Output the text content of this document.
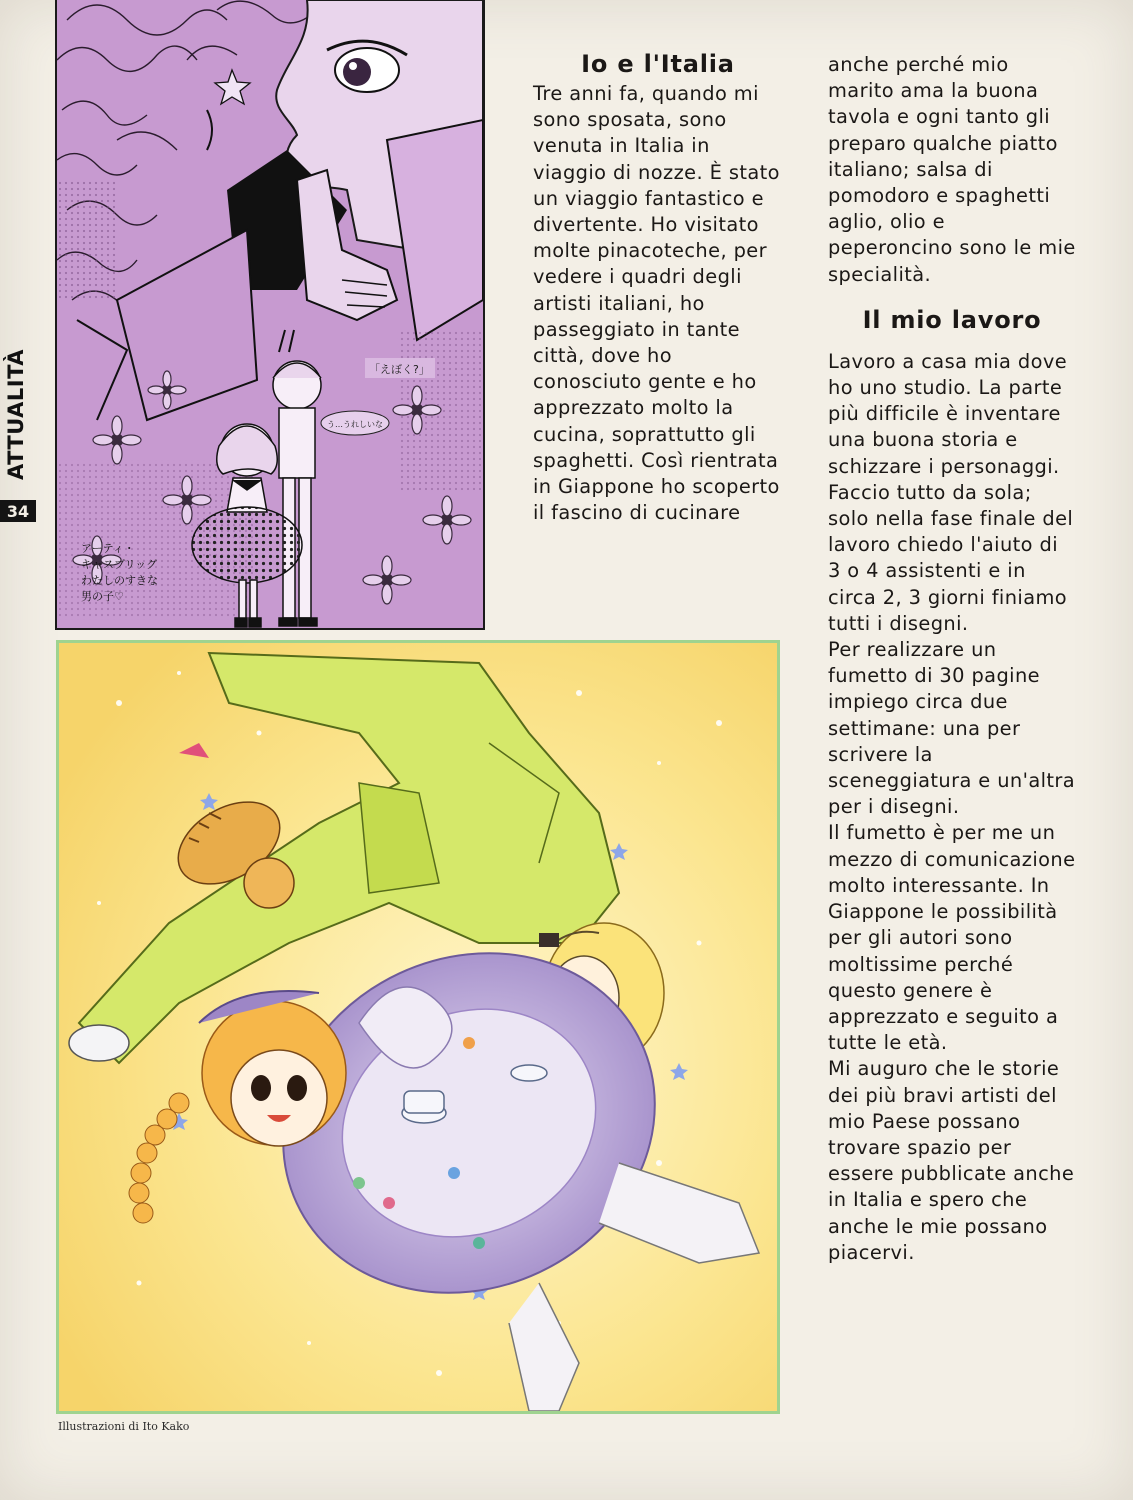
ATTUALITÀ
34
「えぼく?」
う…うれしいな
アーティ・
キャスブリッグ
わたしのすきな
男の子♡
Illustrazioni di Ito Kako
Io e l'Italia

Tre anni fa, quando mi sono sposata, sono venuta in Italia in viaggio di nozze. È stato un viaggio fantastico e divertente. Ho visitato molte pinacoteche, per vedere i quadri degli artisti italiani, ho passeggiato in tante città, dove ho conosciuto gente e ho apprezzato molto la cucina, soprattutto gli spaghetti. Così rientrata in Giappone ho scoperto il fascino di cucinare

anche perché mio marito ama la buona tavola e ogni tanto gli preparo qualche piatto italiano; salsa di pomodoro e spaghetti aglio, olio e peperoncino sono le mie specialità.

Il mio lavoro

Lavoro a casa mia dove ho uno studio. La parte più difficile è inventare una buona storia e schizzare i personaggi. Faccio tutto da sola; solo nella fase finale del lavoro chiedo l'aiuto di 3 o 4 assistenti e in circa 2, 3 giorni finiamo tutti i disegni.

Per realizzare un fumetto di 30 pagine impiego circa due settimane: una per scrivere la sceneggiatura e un'altra per i disegni.

Il fumetto è per me un mezzo di comunicazione molto interessante. In Giappone le possibilità per gli autori sono moltissime perché questo genere è apprezzato e seguito a tutte le età.

Mi auguro che le storie dei più bravi artisti del mio Paese possano trovare spazio per essere pubblicate anche in Italia e spero che anche le mie possano piacervi.
